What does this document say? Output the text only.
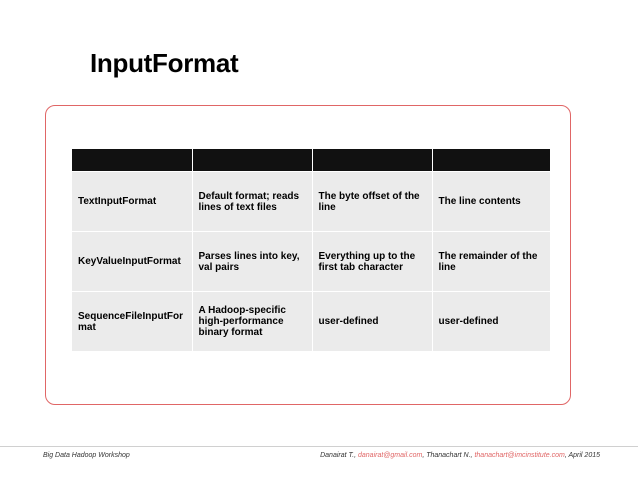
InputFormat

TextInputFormat	Default format; reads lines of text files	The byte offset of the line	The line contents
KeyValueInputFormat	Parses lines into key, val pairs	Everything up to the first tab character	The remainder of the line
SequenceFileInputFor mat	A Hadoop-specific high-performance binary format	user-defined	user-defined
Big Data Hadoop Workshop	Danairat T., danairat@gmail.com, Thanachart N., thanachart@imcinstitute.com, April 2015
